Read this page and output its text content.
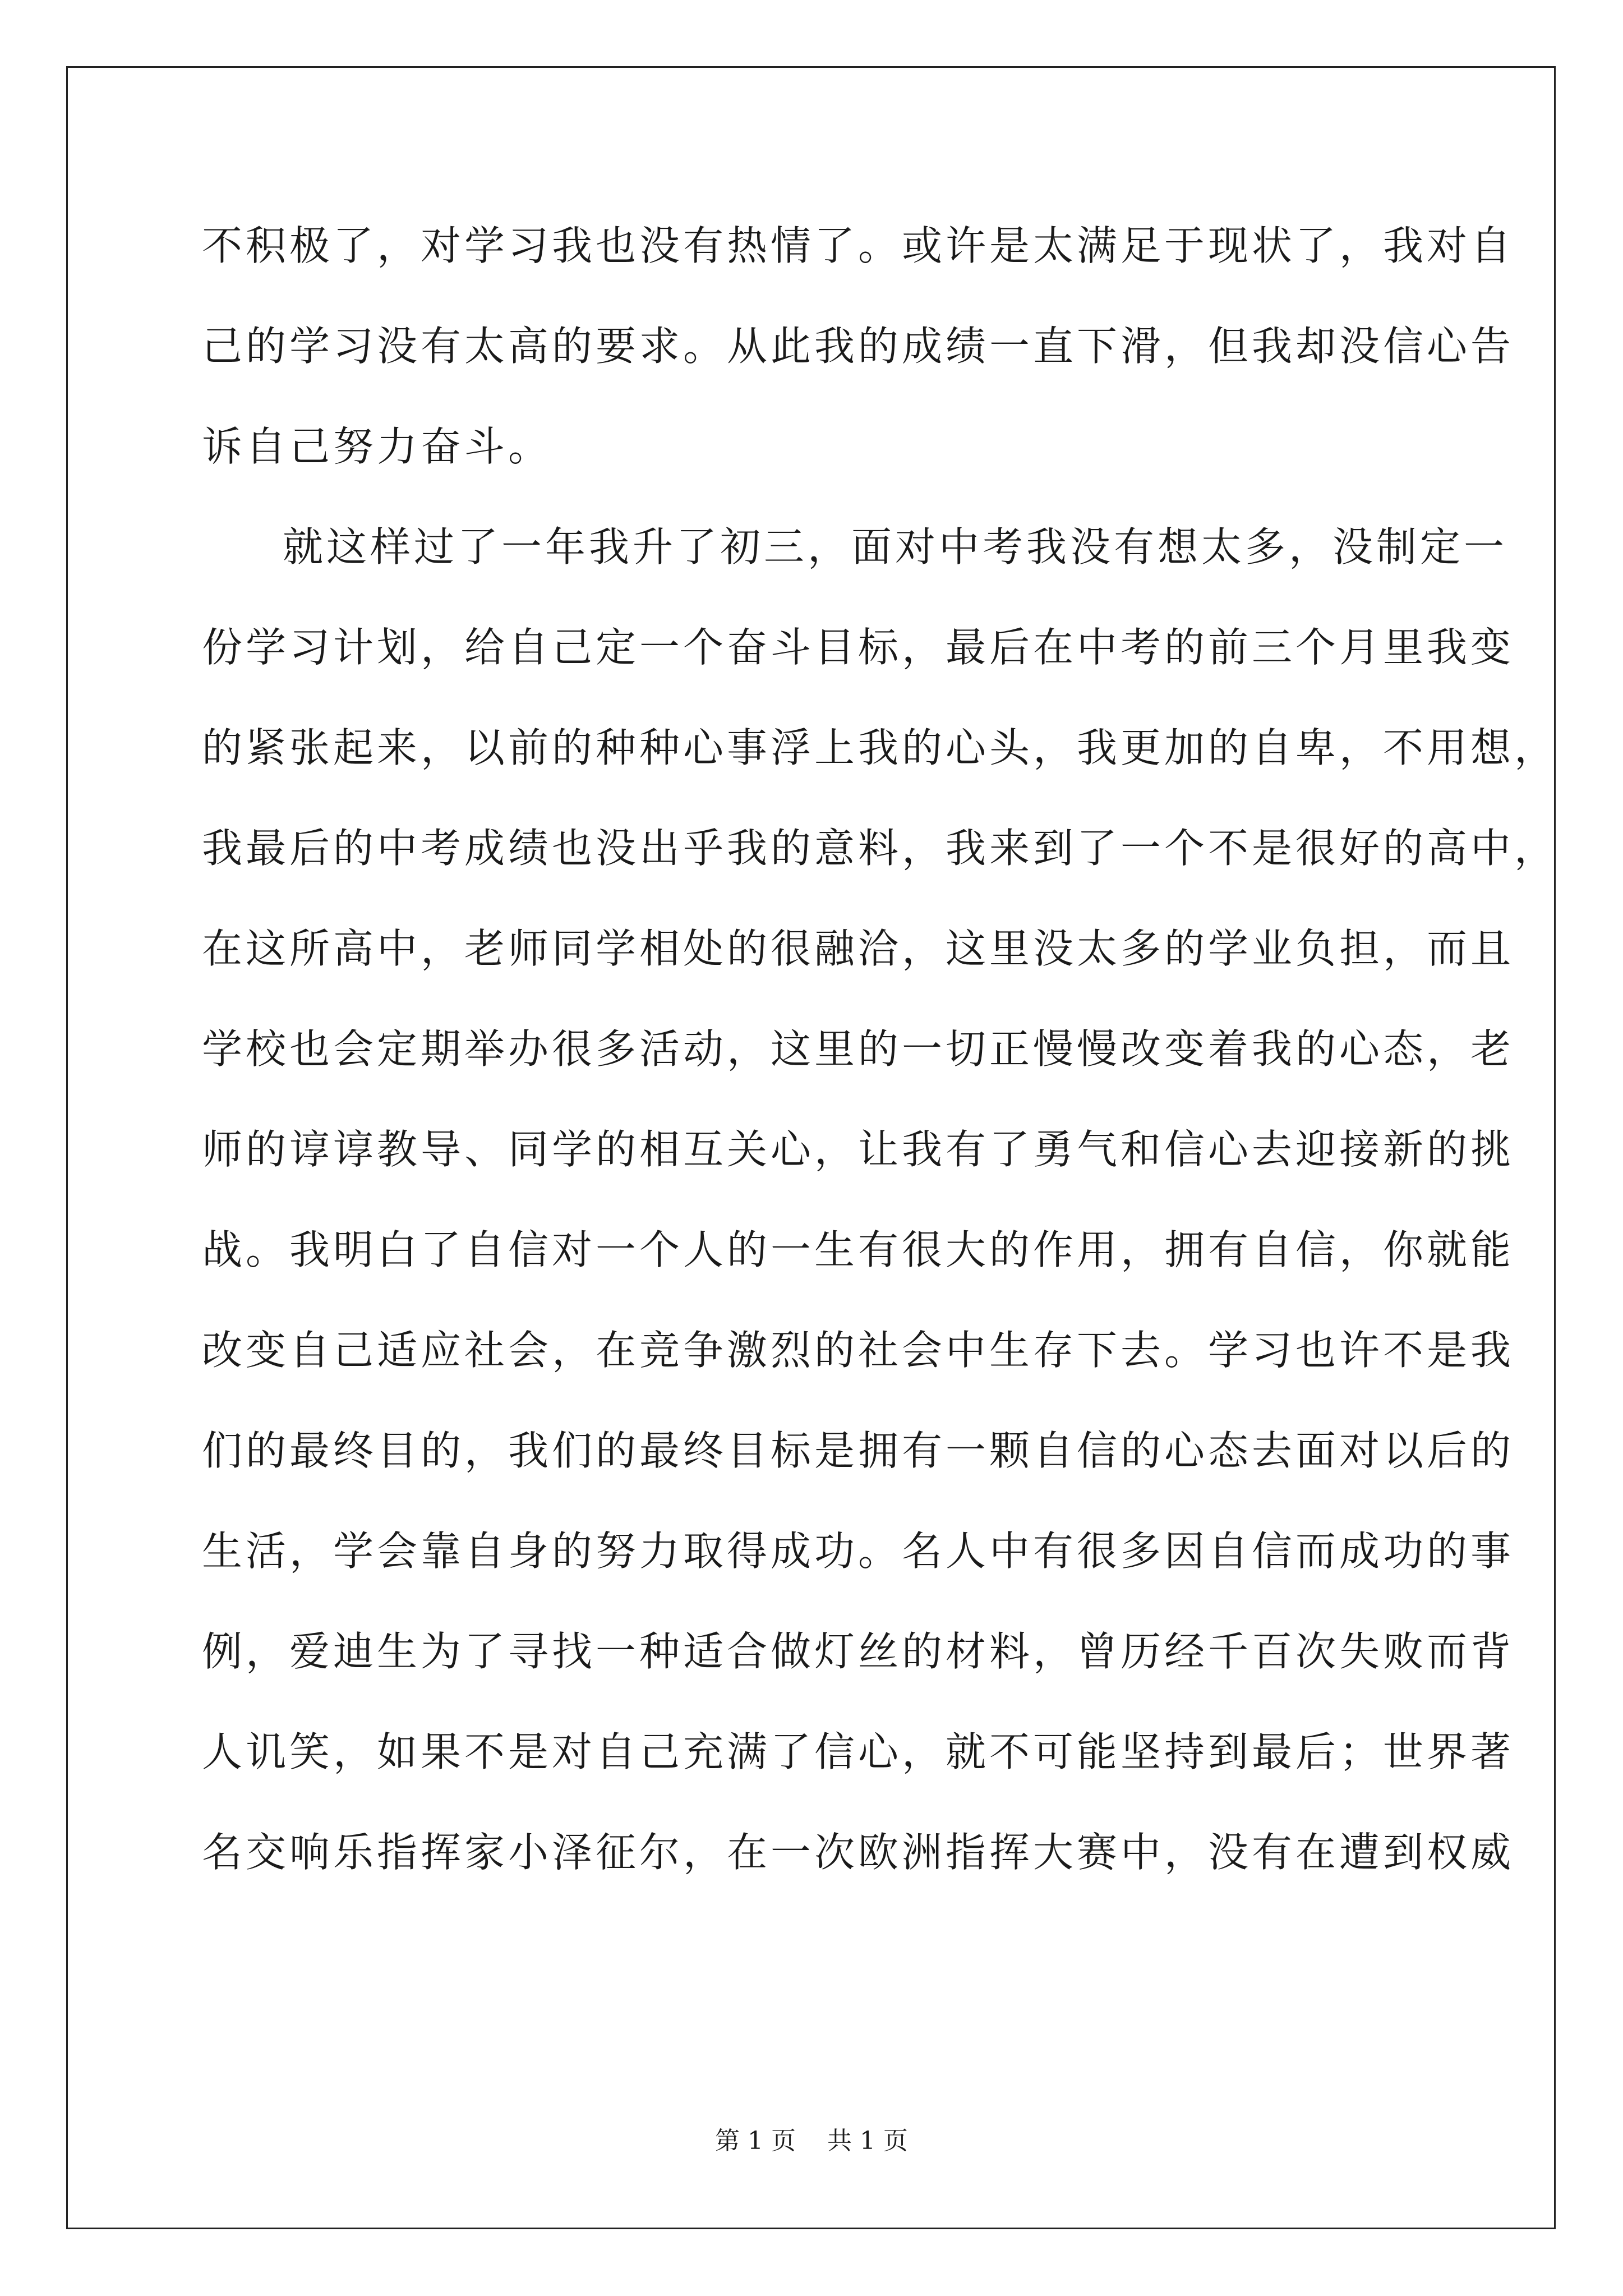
不积极了，对学习我也没有热情了。或许是太满足于现状了，我对自
己的学习没有太高的要求。从此我的成绩一直下滑，但我却没信心告
诉自己努力奋斗。
就这样过了一年我升了初三，面对中考我没有想太多，没制定一
份学习计划，给自己定一个奋斗目标，最后在中考的前三个月里我变
的紧张起来，以前的种种心事浮上我的心头，我更加的自卑，不用想，
我最后的中考成绩也没出乎我的意料，我来到了一个不是很好的高中，
在这所高中，老师同学相处的很融洽，这里没太多的学业负担，而且
学校也会定期举办很多活动，这里的一切正慢慢改变着我的心态，老
师的谆谆教导、同学的相互关心，让我有了勇气和信心去迎接新的挑
战。我明白了自信对一个人的一生有很大的作用，拥有自信，你就能
改变自己适应社会，在竞争激烈的社会中生存下去。学习也许不是我
们的最终目的，我们的最终目标是拥有一颗自信的心态去面对以后的
生活，学会靠自身的努力取得成功。名人中有很多因自信而成功的事
例，爱迪生为了寻找一种适合做灯丝的材料，曾历经千百次失败而背
人讥笑，如果不是对自己充满了信心，就不可能坚持到最后；世界著
名交响乐指挥家小泽征尔，在一次欧洲指挥大赛中，没有在遭到权威
第 1 页    共 1 页
